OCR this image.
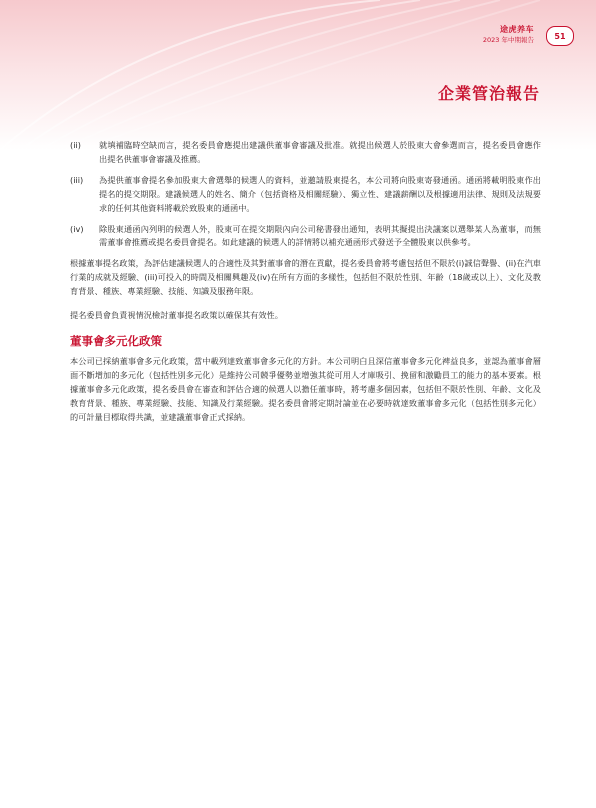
途虎养车
2023 年中期報告	51
企業管治報告
(ii)	就填補臨時空缺而言，提名委員會應提出建議供董事會審議及批准。就提出候選人於股東大會參選而言，提名委員會應作出提名供董事會審議及推薦。
(iii)	為提供董事會提名參加股東大會選舉的候選人的資料，並邀請股東提名，本公司將向股東寄發通函。通函將載明股東作出提名的提交期限。建議候選人的姓名、簡介（包括資格及相關經驗）、獨立性、建議薪酬以及根據適用法律、規則及法規要求的任何其他資料將載於致股東的通函中。
(iv)	除股東通函內列明的候選人外，股東可在提交期限內向公司秘書發出通知，表明其擬提出決議案以選舉某人為董事，而無需董事會推薦或提名委員會提名。如此建議的候選人的詳情將以補充通函形式發送予全體股東以供參考。

根據董事提名政策，為評估建議候選人的合適性及其對董事會的潛在貢獻，提名委員會將考慮包括但不限於(i)誠信聲譽、(ii)在汽車行業的成就及經驗、(iii)可投入的時間及相關興趣及(iv)在所有方面的多樣性，包括但不限於性別、年齡（18歲或以上）、文化及教育背景、種族、專業經驗、技能、知識及服務年限。

提名委員會負責視情況檢討董事提名政策以確保其有效性。

董事會多元化政策

本公司已採納董事會多元化政策，當中載列達致董事會多元化的方針。本公司明白且深信董事會多元化裨益良多，並認為董事會層面不斷增加的多元化（包括性別多元化）是維持公司競爭優勢並增強其從可用人才庫吸引、挽留和激勵員工的能力的基本要素。根據董事會多元化政策，提名委員會在審查和評估合適的候選人以擔任董事時，將考慮多個因素，包括但不限於性別、年齡、文化及教育背景、種族、專業經驗、技能、知識及行業經驗。提名委員會將定期討論並在必要時就達致董事會多元化（包括性別多元化）的可計量目標取得共識，並建議董事會正式採納。
